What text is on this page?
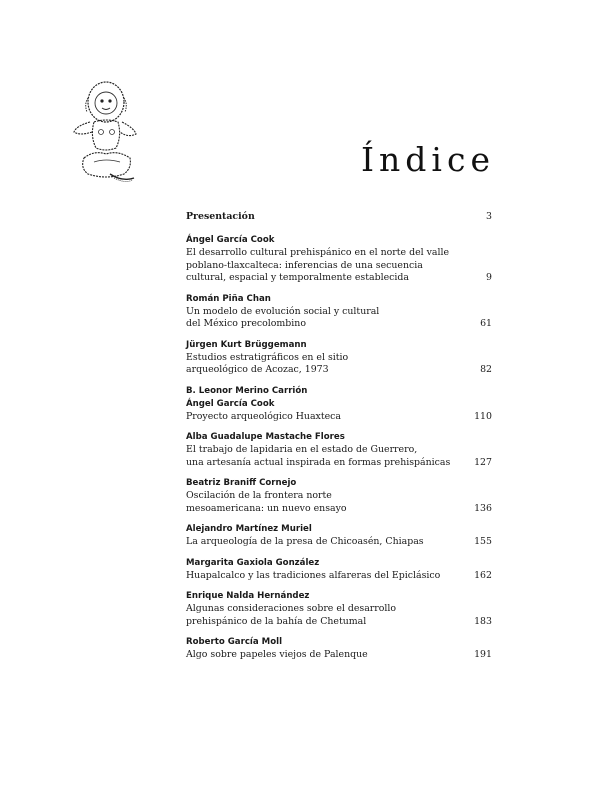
Índice
Presentación	3
Ángel García Cook
El desarrollo cultural prehispánico en el norte del valle
poblano-tlaxcalteca: inferencias de una secuencia
cultural, espacial y temporalmente establecida	9
Román Piña Chan
Un modelo de evolución social y cultural
del México precolombino	61
Jürgen Kurt Brüggemann
Estudios estratigráficos en el sitio
arqueológico de Acozac, 1973	82
B. Leonor Merino Carrión
Ángel García Cook
Proyecto arqueológico Huaxteca	110
Alba Guadalupe Mastache Flores
El trabajo de lapidaria en el estado de Guerrero,
una artesanía actual inspirada en formas prehispánicas	127
Beatriz Braniff Cornejo
Oscilación de la frontera norte
mesoamericana: un nuevo ensayo	136
Alejandro Martínez Muriel
La arqueología de la presa de Chicoasén, Chiapas	155
Margarita Gaxiola González
Huapalcalco y las tradiciones alfareras del Epiclásico	162
Enrique Nalda Hernández
Algunas consideraciones sobre el desarrollo
prehispánico de la bahía de Chetumal	183
Roberto García Moll
Algo sobre papeles viejos de Palenque	191
